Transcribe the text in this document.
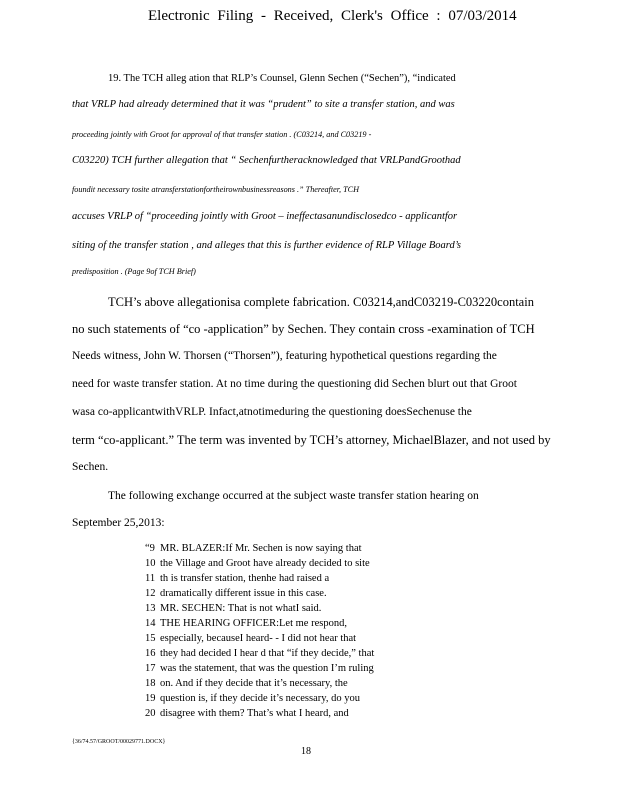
Electronic Filing - Received, Clerk's Office : 07/03/2014
19. The TCH alleg ation that RLP’s Counsel, Glenn Sechen (“Sechen”), “indicated
that VRLP had already determined that it was “prudent” to site a transfer station, and was
proceeding jointly with Groot for approval of that transfer station . (C03214, and C03219 -
C03220) TCH further allegation that “ Sechenfurtheracknowledged that VRLPandGroothad
foundit necessary tosite atransferstationfortheirownbusinessreasons .” Thereafter, TCH
accuses VRLP of “proceeding jointly with Groot – ineffectasanundisclosedco - applicantfor
siting of the transfer station , and alleges that this is further evidence of RLP Village Board’s
predisposition . (Page 9of TCH Brief)
TCH’s above allegationisa complete fabrication. C03214,andC03219-C03220contain
no such statements of “co -application” by Sechen. They contain cross -examination of TCH
Needs witness, John W. Thorsen (“Thorsen”), featuring hypothetical questions regarding the
need for waste transfer station. At no time during the questioning did Sechen blurt out that Groot
wasa co-applicantwithVRLP. Infact,atnotimeduring the questioning doesSechenuse the
term “co-applicant.” The term was invented by TCH’s attorney, MichaelBlazer, and not used by
Sechen.
The following exchange occurred at the subject waste transfer station hearing on
September 25,2013:
“9 MR. BLAZER:If Mr. Sechen is now saying that
10 the Village and Groot have already decided to site
11 th is transfer station, thenhe had raised a
12 dramatically different issue in this case.
13 MR. SECHEN: That is not whatI said.
14 THE HEARING OFFICER:Let me respond,
15 especially, becauseI heard- - I did not hear that
16 they had decided I hear d that “if they decide,” that
17 was the statement, that was the question I’m ruling
18 on. And if they decide that it’s necessary, the
19 question is, if they decide it’s necessary, do you
20 disagree with them? That’s what I heard, and
{36/74.57/GROOT/00029771.DOCX}
18
